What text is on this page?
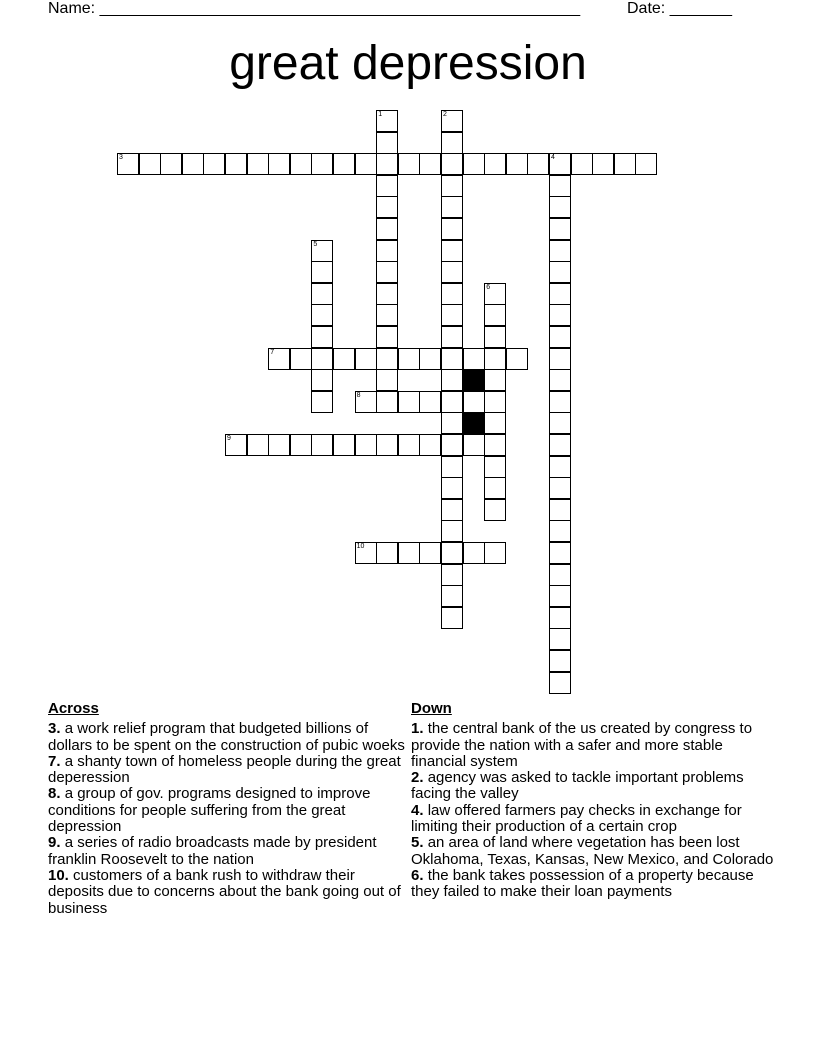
Name: ______________________________________________________	Date: _______
great depression
1	2
3	4
5
6
7
8
9
10
Across
3. a work relief program that budgeted billions of dollars to be spent on the construction of pubic woeks
7. a shanty town of homeless people during the great deperession
8. a group of gov. programs designed to improve conditions for people suffering from the great depression
9. a series of radio broadcasts made by president franklin Roosevelt to the nation
10. customers of a bank rush to withdraw their deposits due to concerns about the bank going out of business
Down
1. the central bank of the us created by congress to provide the nation with a safer and more stable financial system
2. agency was asked to tackle important problems facing the valley
4. law offered farmers pay checks in exchange for limiting their production of a certain crop
5. an area of land where vegetation has been lost Oklahoma, Texas, Kansas, New Mexico, and Colorado
6. the bank takes possession of a property because they failed to make their loan payments
